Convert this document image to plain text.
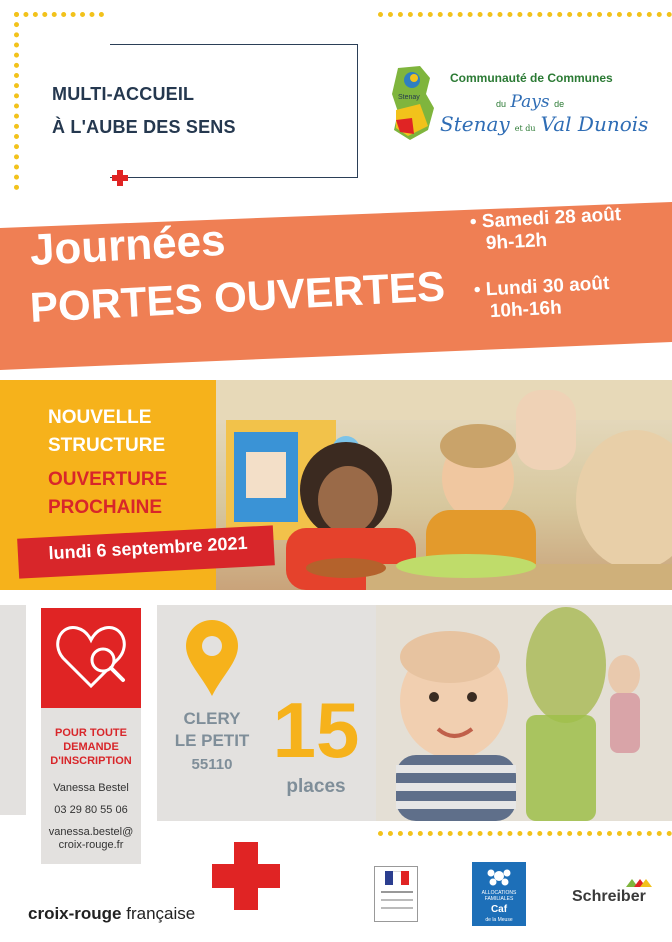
MULTI-ACCUEIL
À L'AUBE DES SENS
Stenay
Communauté de Communes
du Pays de
Stenay et du Val Dunois
Journées
PORTES OUVERTES
• Samedi 28 août
9h-12h
• Lundi 30 août
10h-16h
NOUVELLE
STRUCTURE
OUVERTURE
PROCHAINE
lundi 6 septembre 2021
POUR TOUTE
DEMANDE
D'INSCRIPTION
Vanessa Bestel
03 29 80 55 06
vanessa.bestel@
croix-rouge.fr
CLERY
LE PETIT
55110 15
places
croix-rouge française
ALLOCATIONS
FAMILIALES
Caf
de la Meuse
Schreiber
